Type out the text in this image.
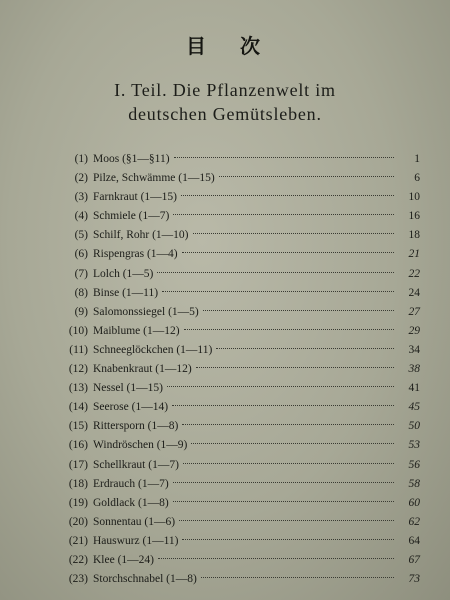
目次
I. Teil. Die Pflanzenwelt im
deutschen Gemütsleben.
(1) Moos (§1—§11)	1
(2) Pilze, Schwämme (1—15)	6
(3) Farnkraut (1—15)	10
(4) Schmiele (1—7)	16
(5) Schilf, Rohr (1—10)	18
(6) Rispengras (1—4)	21
(7) Lolch (1—5)	22
(8) Binse (1—11)	24
(9) Salomonssiegel (1—5)	27
(10) Maiblume (1—12)	29
(11) Schneeglöckchen (1—11)	34
(12) Knabenkraut (1—12)	38
(13) Nessel (1—15)	41
(14) Seerose (1—14)	45
(15) Rittersporn (1—8)	50
(16) Windröschen (1—9)	53
(17) Schellkraut (1—7)	56
(18) Erdrauch (1—7)	58
(19) Goldlack (1—8)	60
(20) Sonnentau (1—6)	62
(21) Hauswurz (1—11)	64
(22) Klee (1—24)	67
(23) Storchschnabel (1—8)	73
